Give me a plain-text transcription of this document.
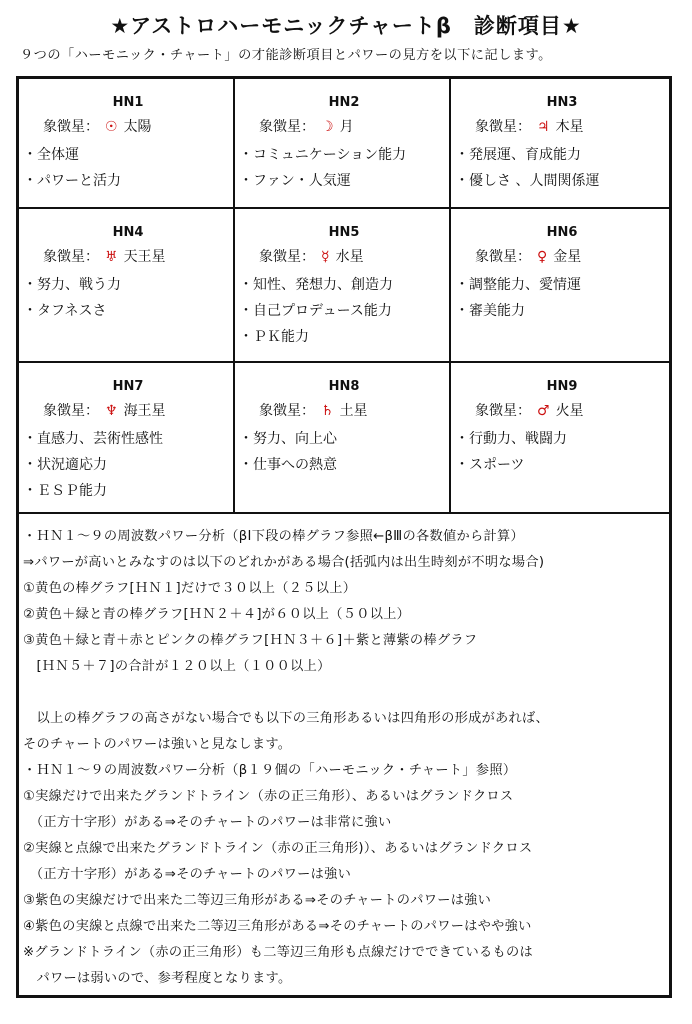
★アストロハーモニックチャートβ　診断項目★
９つの「ハーモニック・チャート」の才能診断項目とパワーの見方を以下に記します。
HN1
象徴星： ☉ 太陽
・全体運
・パワーと活力
HN2
象徴星： ☽ 月
・コミュニケーション能力
・ファン・人気運
HN3
象徴星： ♃ 木星
・発展運、育成能力
・優しさ 、人間関係運
HN4
象徴星： ♅ 天王星
・努力、戦う力
・タフネスさ
HN5
象徴星： ☿ 水星
・知性、発想力、創造力
・自己プロデュース能力
・ＰＫ能力
HN6
象徴星： ♀ 金星
・調整能力、愛情運
・審美能力
HN7
象徴星： ♆ 海王星
・直感力、芸術性感性
・状況適応力
・ＥＳＰ能力
HN8
象徴星： ♄ 土星
・努力、向上心
・仕事への熱意
HN9
象徴星： ♂ 火星
・行動力、戦闘力
・スポーツ
・ＨＮ１～９の周波数パワー分析（βⅠ下段の棒グラフ参照←βⅢの各数値から計算）
⇒パワーが高いとみなすのは以下のどれかがある場合(括弧内は出生時刻が不明な場合)
①黄色の棒グラフ[ＨＮ１]だけで３０以上（２５以上）
②黄色＋緑と青の棒グラフ[ＨＮ２＋４]が６０以上（５０以上）
③黄色＋緑と青＋赤とピンクの棒グラフ[ＨＮ３＋６]＋紫と薄紫の棒グラフ
　[ＨＮ５＋７]の合計が１２０以上（１００以上）
　以上の棒グラフの高さがない場合でも以下の三角形あるいは四角形の形成があれば、
そのチャートのパワーは強いと見なします。
・ＨＮ１～９の周波数パワー分析（β１９個の「ハーモニック・チャート」参照）
①実線だけで出来たグランドトライン（赤の正三角形）、あるいはグランドクロス
　（正方十字形）がある⇒そのチャートのパワーは非常に強い
②実線と点線で出来たグランドトライン（赤の正三角形)）、あるいはグランドクロス
　（正方十字形）がある⇒そのチャートのパワーは強い
③紫色の実線だけで出来た二等辺三角形がある⇒そのチャートのパワーは強い
④紫色の実線と点線で出来た二等辺三角形がある⇒そのチャートのパワーはやや強い
※グランドトライン（赤の正三角形）も二等辺三角形も点線だけでできているものは
　パワーは弱いので、参考程度となります。
